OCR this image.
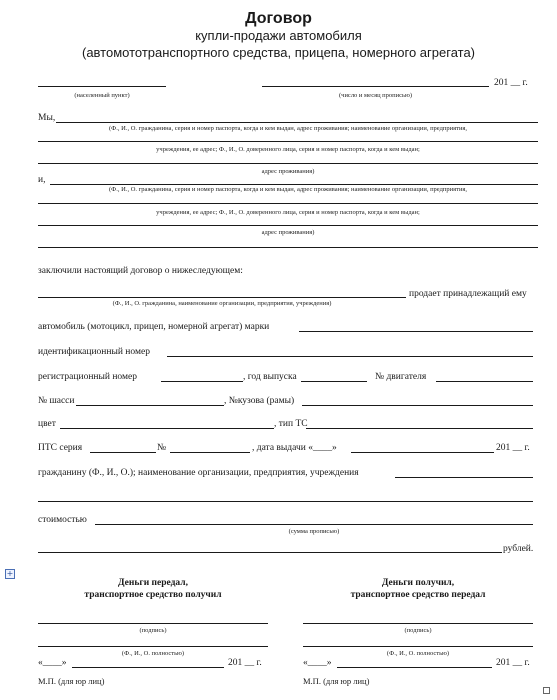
Договор
купли-продажи автомобиля
(автомототранспортного средства, прицепа, номерного агрегата)
(населенный пункт)	(число и месяц прописью)
201 __ г.
Мы,
(Ф., И., О. гражданина, серия и номер паспорта, когда и кем выдан, адрес проживания; наименование организации, предприятия,
учреждения, ее адрес; Ф., И., О. доверенного лица, серия и номер паспорта, когда и кем выдан;
адрес проживания)
и,
(Ф., И., О. гражданина, серия и номер паспорта, когда и кем выдан, адрес проживания; наименование организации, предприятия,
учреждения, ее адрес; Ф., И., О. доверенного лица, серия и номер паспорта, когда и кем выдан;
адрес проживания)
заключили настоящий договор о нижеследующем:
продает принадлежащий ему
(Ф., И., О. гражданина, наименование организации, предприятия, учреждения)
автомобиль (мотоцикл, прицеп, номерной агрегат) марки
идентификационный номер
регистрационный номер	, год выпуска	№ двигателя
№ шасси	, №кузова (рамы)
цвет	, тип ТС
ПТС серия	№	, дата выдачи «____»	201 __ г.
гражданину (Ф., И., О.); наименование организации, предприятия, учреждения
стоимостью
(сумма прописью)
рублей.
+
Деньги передал,
транспортное средство получил
(подпись)
(Ф., И., О. полностью)
«____»	201 __ г.
М.П. (для юр лиц)
Деньги получил,
транспортное средство передал
(подпись)
(Ф., И., О. полностью)
«____»	201 __ г.
М.П. (для юр лиц)
